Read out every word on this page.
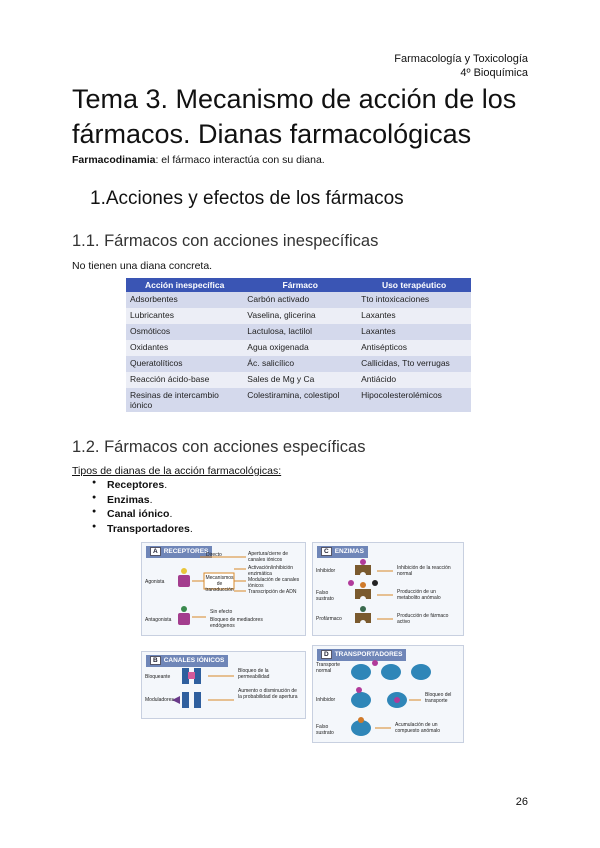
Farmacología y Toxicología
4º Bioquímica
Tema 3. Mecanismo de acción de los fármacos. Dianas farmacológicas
Farmacodinamia: el fármaco interactúa con su diana.
1.Acciones y efectos de los fármacos
1.1. Fármacos con acciones inespecíficas
No tienen una diana concreta.
Acción inespecífica	Fármaco	Uso terapéutico
Adsorbentes	Carbón activado	Tto intoxicaciones
Lubricantes	Vaselina, glicerina	Laxantes
Osmóticos	Lactulosa, lactilol	Laxantes
Oxidantes	Agua oxigenada	Antisépticos
Queratolíticos	Ác. salicílico	Callicidas, Tto verrugas
Reacción ácido-base	Sales de Mg y Ca	Antiácido
Resinas de intercambio iónico	Colestiramina, colestipol	Hipocolesterolémicos
1.2. Fármacos con acciones específicas
Tipos de dianas de la acción farmacológicas:
● Receptores.
● Enzimas.
● Canal iónico.
● Transportadores.
A RECEPTORES
Agonista
Antagonista
Directo
Mecanismos de transducción
Apertura/cierre de canales iónicos
Activación/inhibición enzimática
Modulación de canales iónicos
Transcripción de ADN
Sin efecto
Bloqueo de mediadores endógenos
C ENZIMAS
Inhibidor
Falso sustrato
Profármaco
Inhibición de la reacción normal
Producción de un metabolito anómalo
Producción de fármaco activo
B CANALES IÓNICOS
Bloqueante
Moduladores
Bloqueo de la permeabilidad
Aumento o disminución de la probabilidad de apertura
D TRANSPORTADORES
Transporte normal
Inhibidor
Falso sustrato
Bloqueo del transporte
Acumulación de un compuesto anómalo
26
